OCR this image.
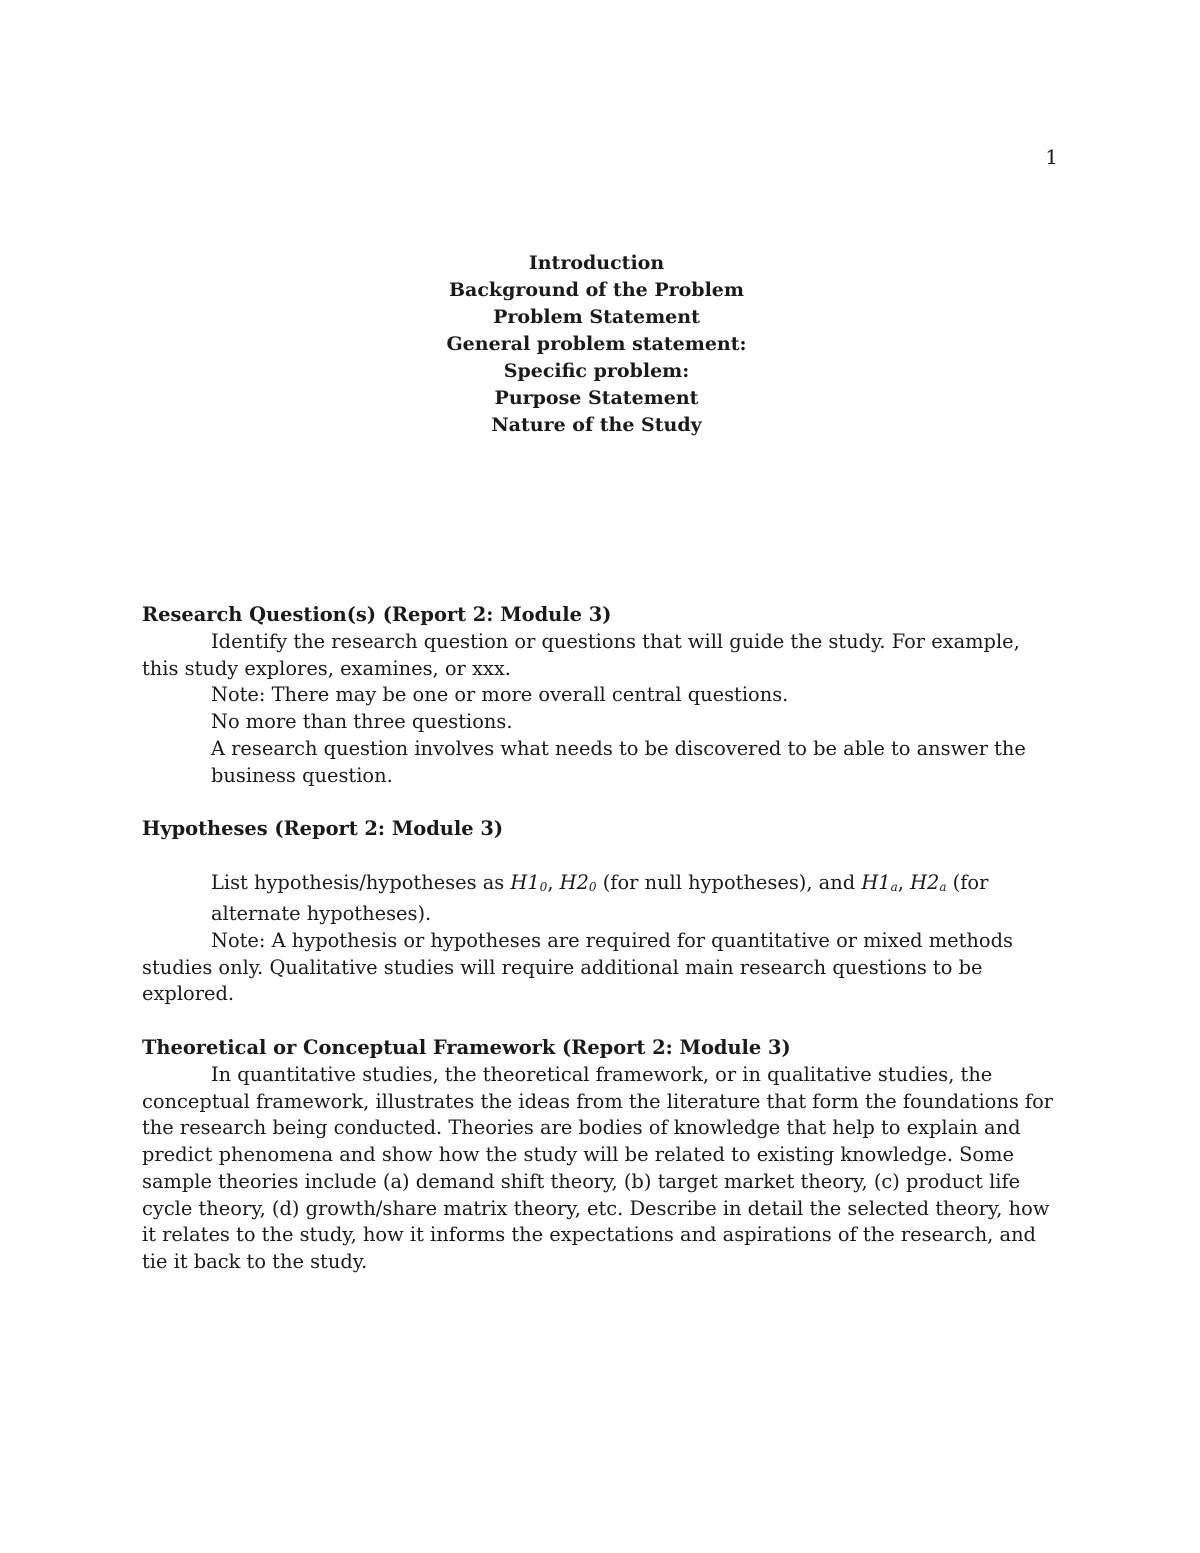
1
Introduction
Background of the Problem
Problem Statement
General problem statement:
Specific problem:
Purpose Statement
Nature of the Study
Research Question(s) (Report 2: Module 3)
Identify the research question or questions that will guide the study. For example, this study explores, examines, or xxx.
Note: There may be one or more overall central questions.
No more than three questions.
A research question involves what needs to be discovered to be able to answer the business question.
Hypotheses (Report 2: Module 3)
List hypothesis/hypotheses as $H1_0$, $H2_0$ (for null hypotheses), and $H1_a$, $H2_a$ (for alternate hypotheses).
Note: A hypothesis or hypotheses are required for quantitative or mixed methods studies only. Qualitative studies will require additional main research questions to be explored.
Theoretical or Conceptual Framework (Report 2: Module 3)
In quantitative studies, the theoretical framework, or in qualitative studies, the conceptual framework, illustrates the ideas from the literature that form the foundations for the research being conducted. Theories are bodies of knowledge that help to explain and predict phenomena and show how the study will be related to existing knowledge. Some sample theories include (a) demand shift theory, (b) target market theory, (c) product life cycle theory, (d) growth/share matrix theory, etc. Describe in detail the selected theory, how it relates to the study, how it informs the expectations and aspirations of the research, and tie it back to the study.
